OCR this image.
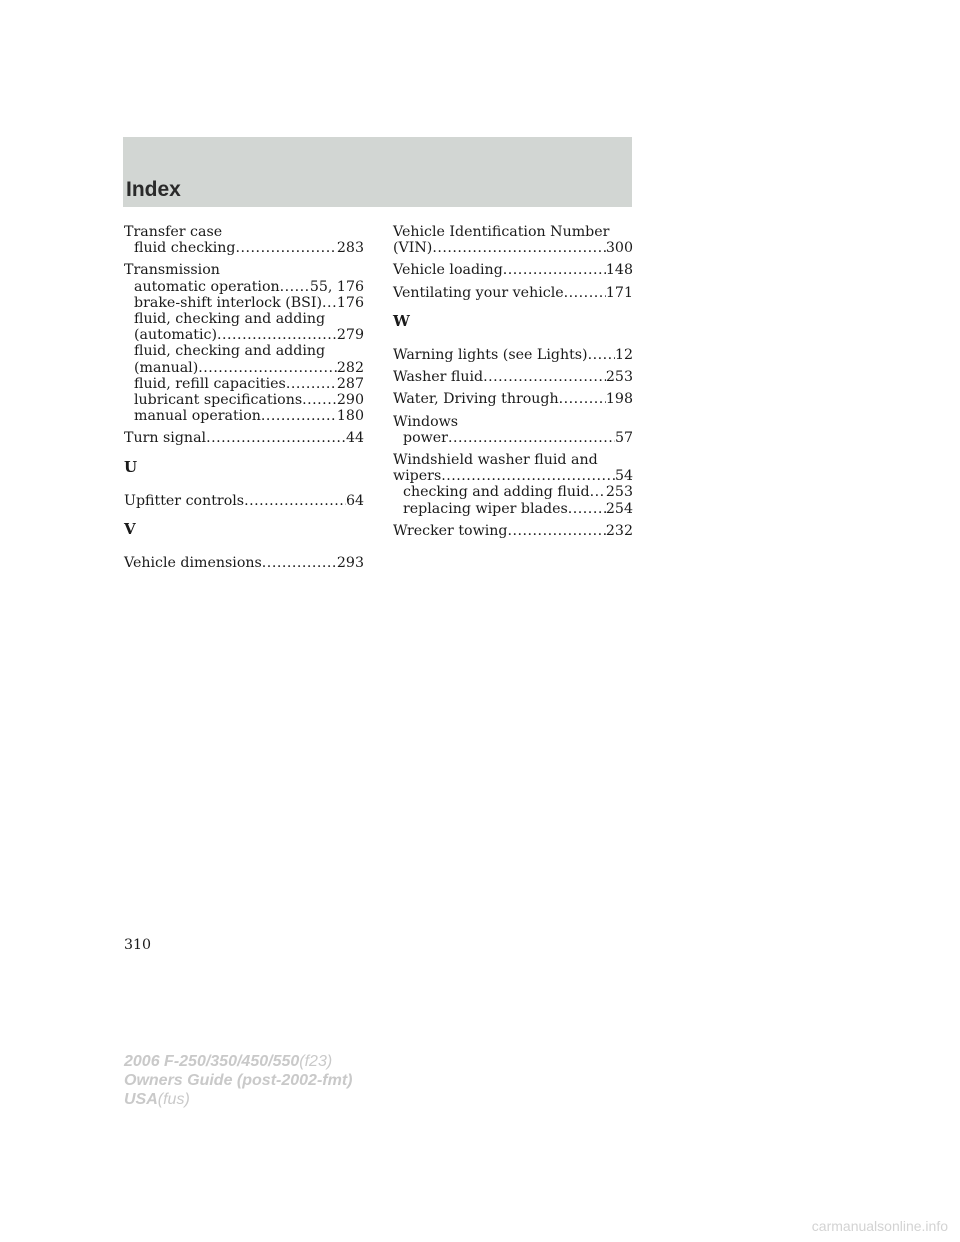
Index
Transfer case
fluid checking .....	283
Transmission
automatic operation ..... 55, 176
brake-shift interlock (BSI) ..... 176
fluid, checking and adding
(automatic) .....	279
fluid, checking and adding
(manual) .....	282
fluid, refill capacities .....	287
lubricant specifications ..... 290
manual operation .....	180
Turn signal .....	44
U
Upfitter controls .....	64
V
Vehicle dimensions .....	293
Vehicle Identification Number
(VIN) .....	300
Vehicle loading .....	148
Ventilating your vehicle .....	171
W
Warning lights (see Lights) ..... 12
Washer fluid .....	253
Water, Driving through .....	198
Windows
power .....	57
Windshield washer fluid and
wipers .....	54
checking and adding fluid ..... 253
replacing wiper blades .....	254
Wrecker towing .....	232
310
2006 F-250/350/450/550(f23)
Owners Guide (post-2002-fmt)
USA(fus)
carmanualsonline.info
